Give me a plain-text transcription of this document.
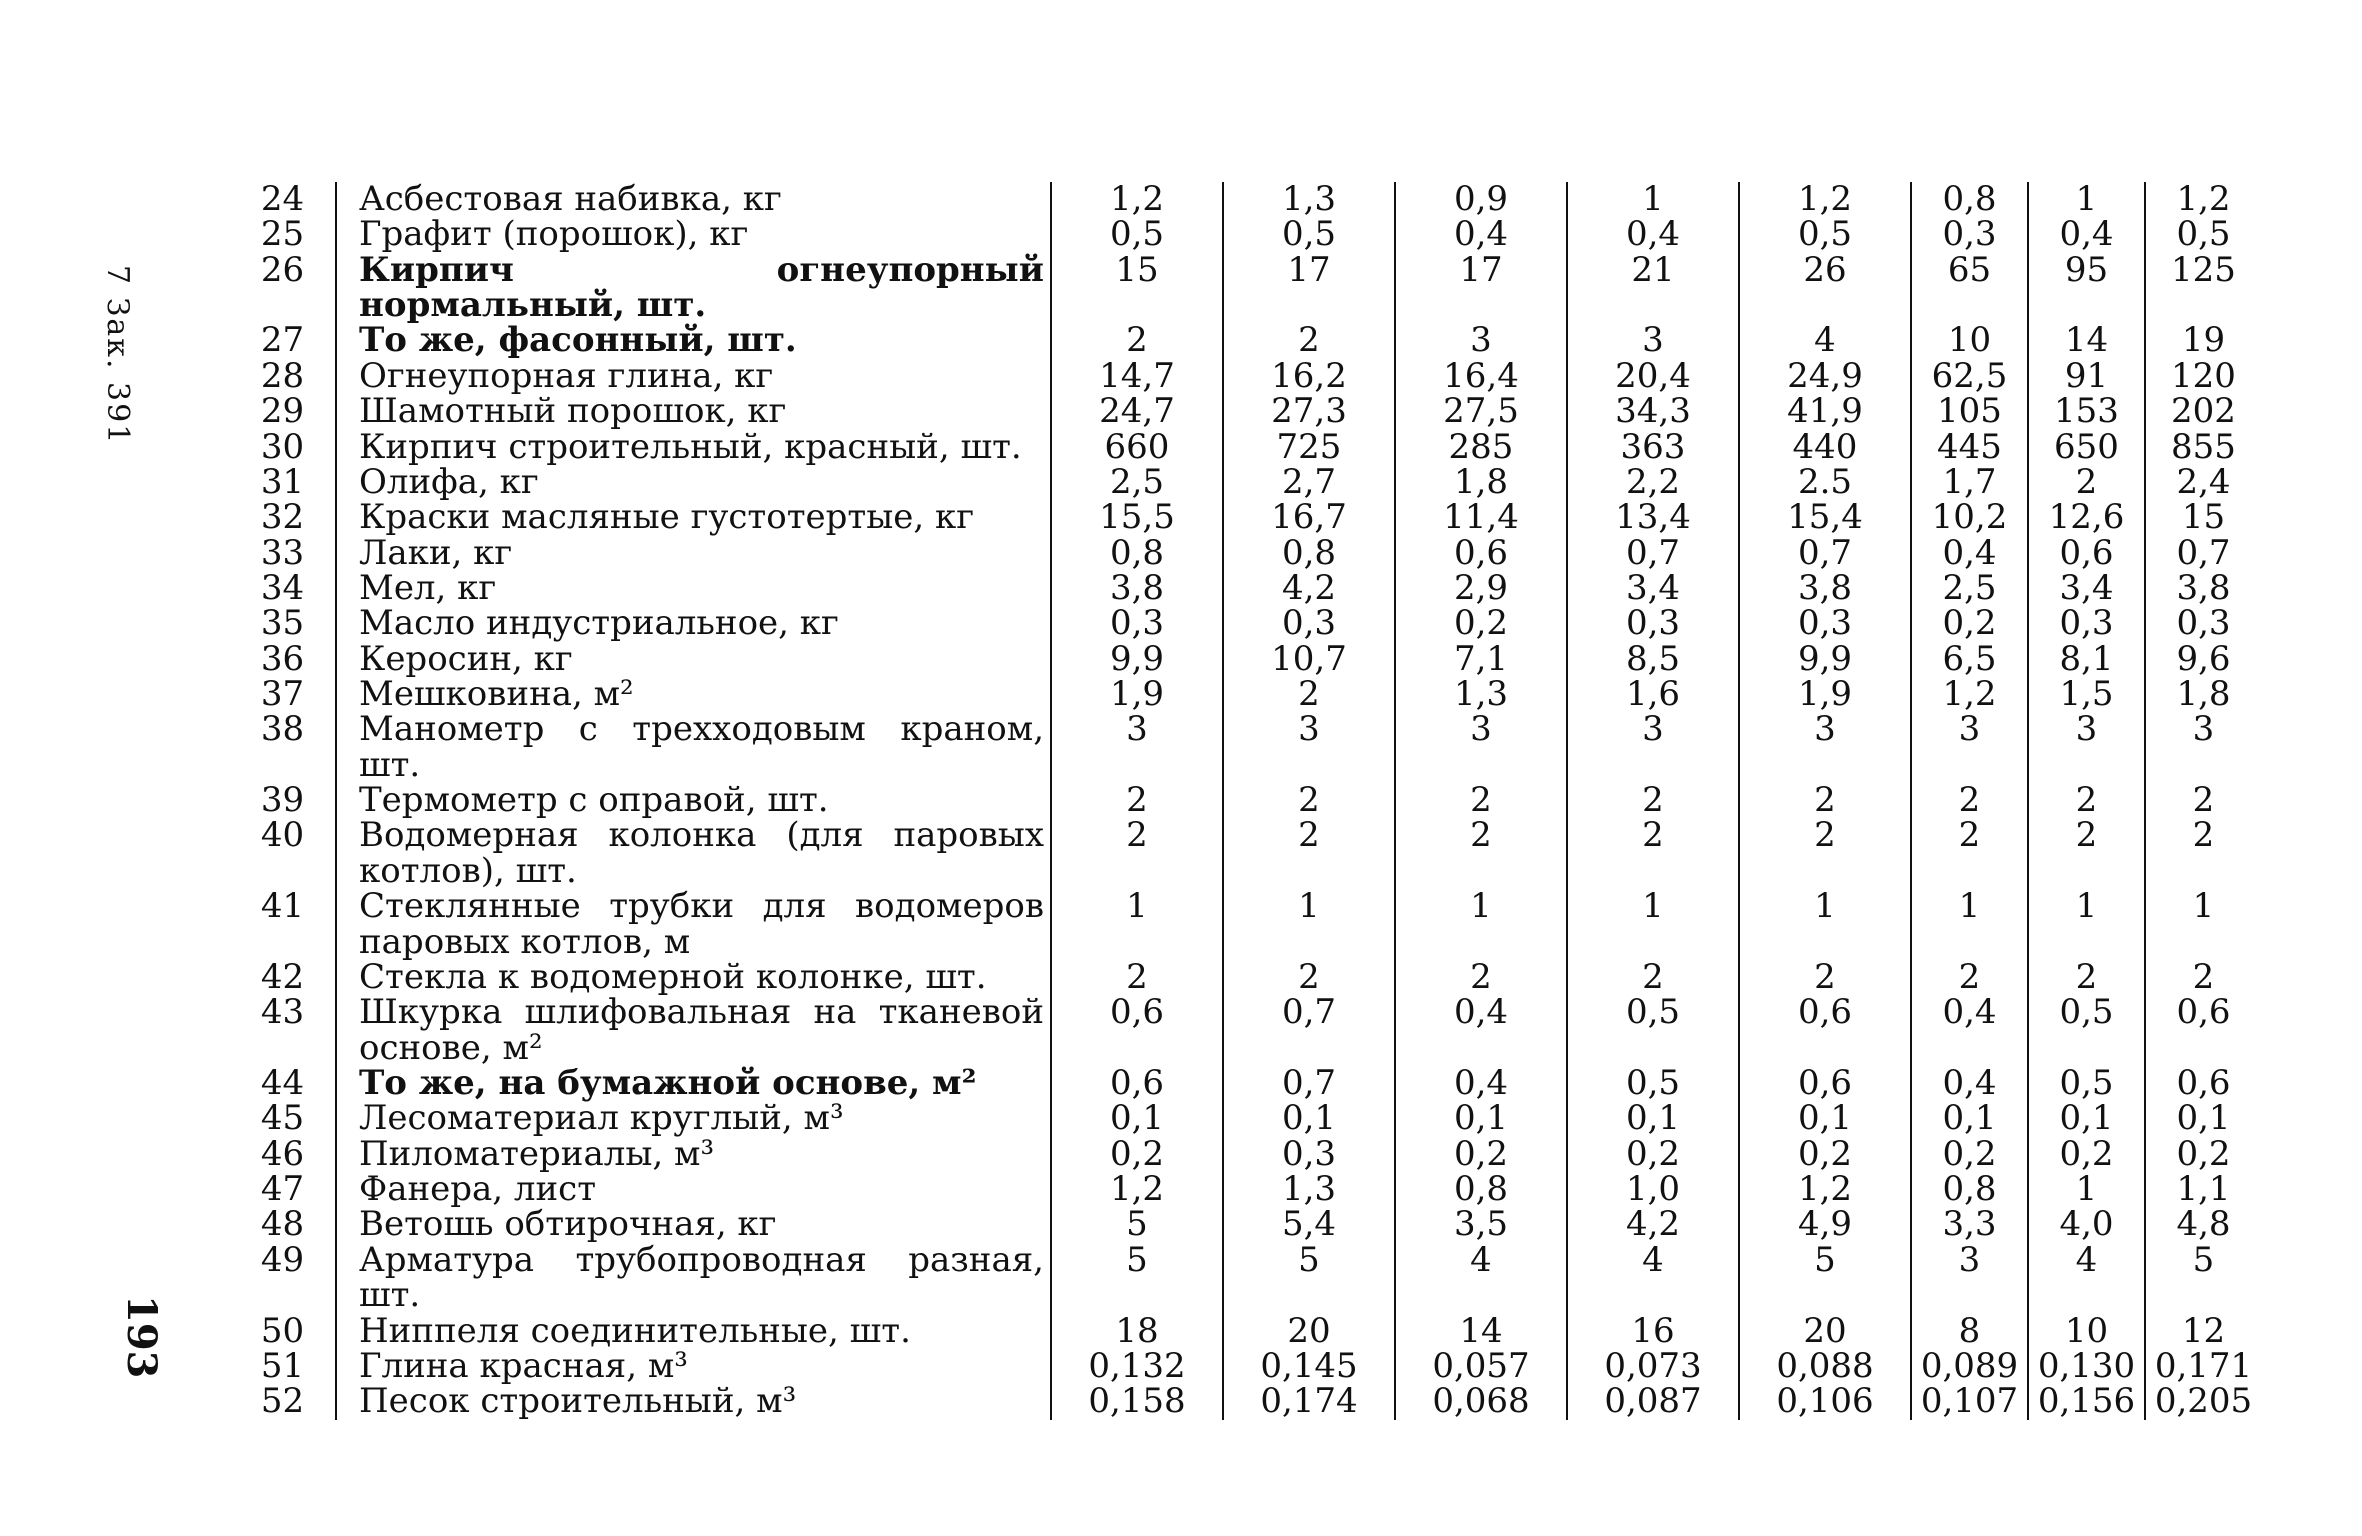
7 Зак. 391
193
24	Асбестовая набивка, кг	1,2	1,3	0,9	1	1,2	0,8	1	1,2
25	Графит (порошок), кг	0,5	0,5	0,4	0,4	0,5	0,3	0,4	0,5
26	Кирпич огнеупорный нормальный, шт.	15	17	17	21	26	65	95	125
27	То же, фасонный, шт.	2	2	3	3	4	10	14	19
28	Огнеупорная глина, кг	14,7	16,2	16,4	20,4	24,9	62,5	91	120
29	Шамотный порошок, кг	24,7	27,3	27,5	34,3	41,9	105	153	202
30	Кирпич строительный, красный, шт.	660	725	285	363	440	445	650	855
31	Олифа, кг	2,5	2,7	1,8	2,2	2.5	1,7	2	2,4
32	Краски масляные густотертые, кг	15,5	16,7	11,4	13,4	15,4	10,2	12,6	15
33	Лаки, кг	0,8	0,8	0,6	0,7	0,7	0,4	0,6	0,7
34	Мел, кг	3,8	4,2	2,9	3,4	3,8	2,5	3,4	3,8
35	Масло индустриальное, кг	0,3	0,3	0,2	0,3	0,3	0,2	0,3	0,3
36	Керосин, кг	9,9	10,7	7,1	8,5	9,9	6,5	8,1	9,6
37	Мешковина, м²	1,9	2	1,3	1,6	1,9	1,2	1,5	1,8
38	Манометр с трехходовым краном, шт.	3	3	3	3	3	3	3	3
39	Термометр с оправой, шт.	2	2	2	2	2	2	2	2
40	Водомерная колонка (для паровых котлов), шт.	2	2	2	2	2	2	2	2
41	Стеклянные трубки для водомеров паровых котлов, м	1	1	1	1	1	1	1	1
42	Стекла к водомерной колонке, шт.	2	2	2	2	2	2	2	2
43	Шкурка шлифовальная на тканевой основе, м²	0,6	0,7	0,4	0,5	0,6	0,4	0,5	0,6
44	То же, на бумажной основе, м²	0,6	0,7	0,4	0,5	0,6	0,4	0,5	0,6
45	Лесоматериал круглый, м³	0,1	0,1	0,1	0,1	0,1	0,1	0,1	0,1
46	Пиломатериалы, м³	0,2	0,3	0,2	0,2	0,2	0,2	0,2	0,2
47	Фанера, лист	1,2	1,3	0,8	1,0	1,2	0,8	1	1,1
48	Ветошь обтирочная, кг	5	5,4	3,5	4,2	4,9	3,3	4,0	4,8
49	Арматура трубопроводная разная, шт.	5	5	4	4	5	3	4	5
50	Ниппеля соединительные, шт.	18	20	14	16	20	8	10	12
51	Глина красная, м³	0,132	0,145	0,057	0,073	0,088	0,089	0,130	0,171
52	Песок строительный, м³	0,158	0,174	0,068	0,087	0,106	0,107	0,156	0,205
